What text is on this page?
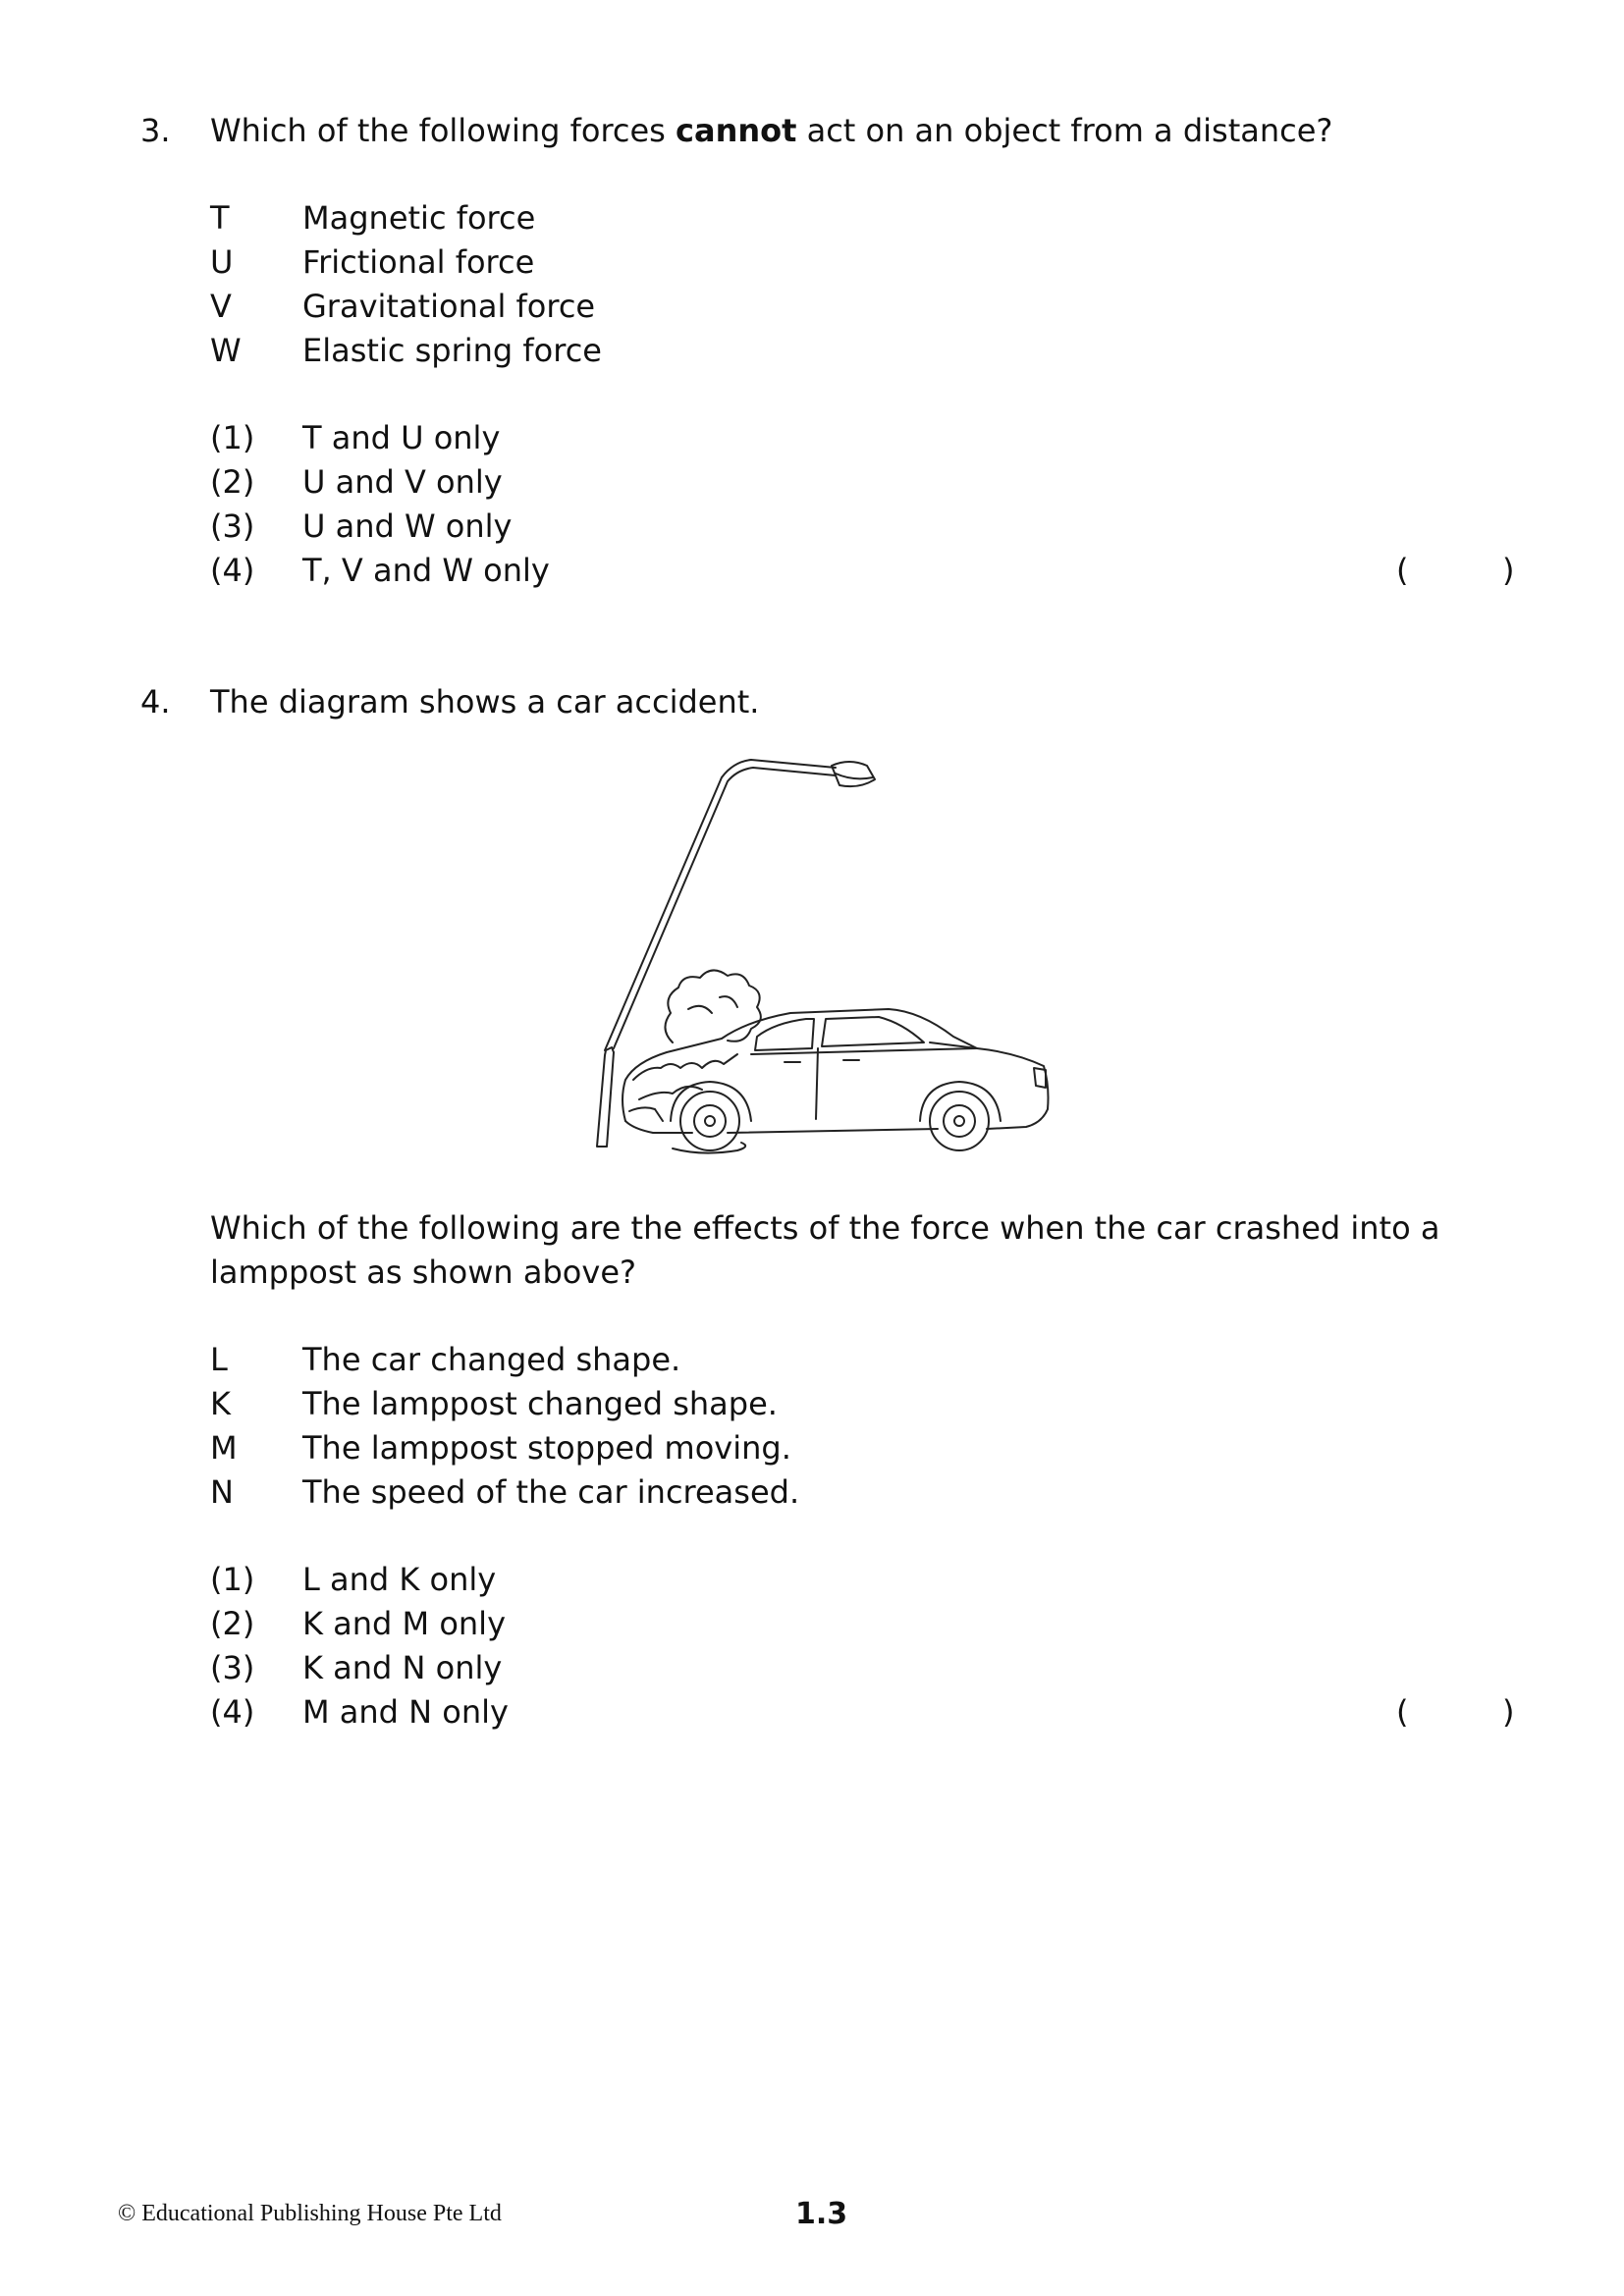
3. Which of the following forces cannot act on an object from a distance?
T Magnetic force
U Frictional force
V Gravitational force
W Elastic spring force
(1) T and U only
(2) U and V only
(3) U and W only
(4) T, V and W only	(	)
4. The diagram shows a car accident.
Which of the following are the effects of the force when the car crashed into a
lamppost as shown above?
L The car changed shape.
K The lamppost changed shape.
M The lamppost stopped moving.
N The speed of the car increased.
(1) L and K only
(2) K and M only
(3) K and N only
(4) M and N only	(	)
© Educational Publishing House Pte Ltd	1.3
